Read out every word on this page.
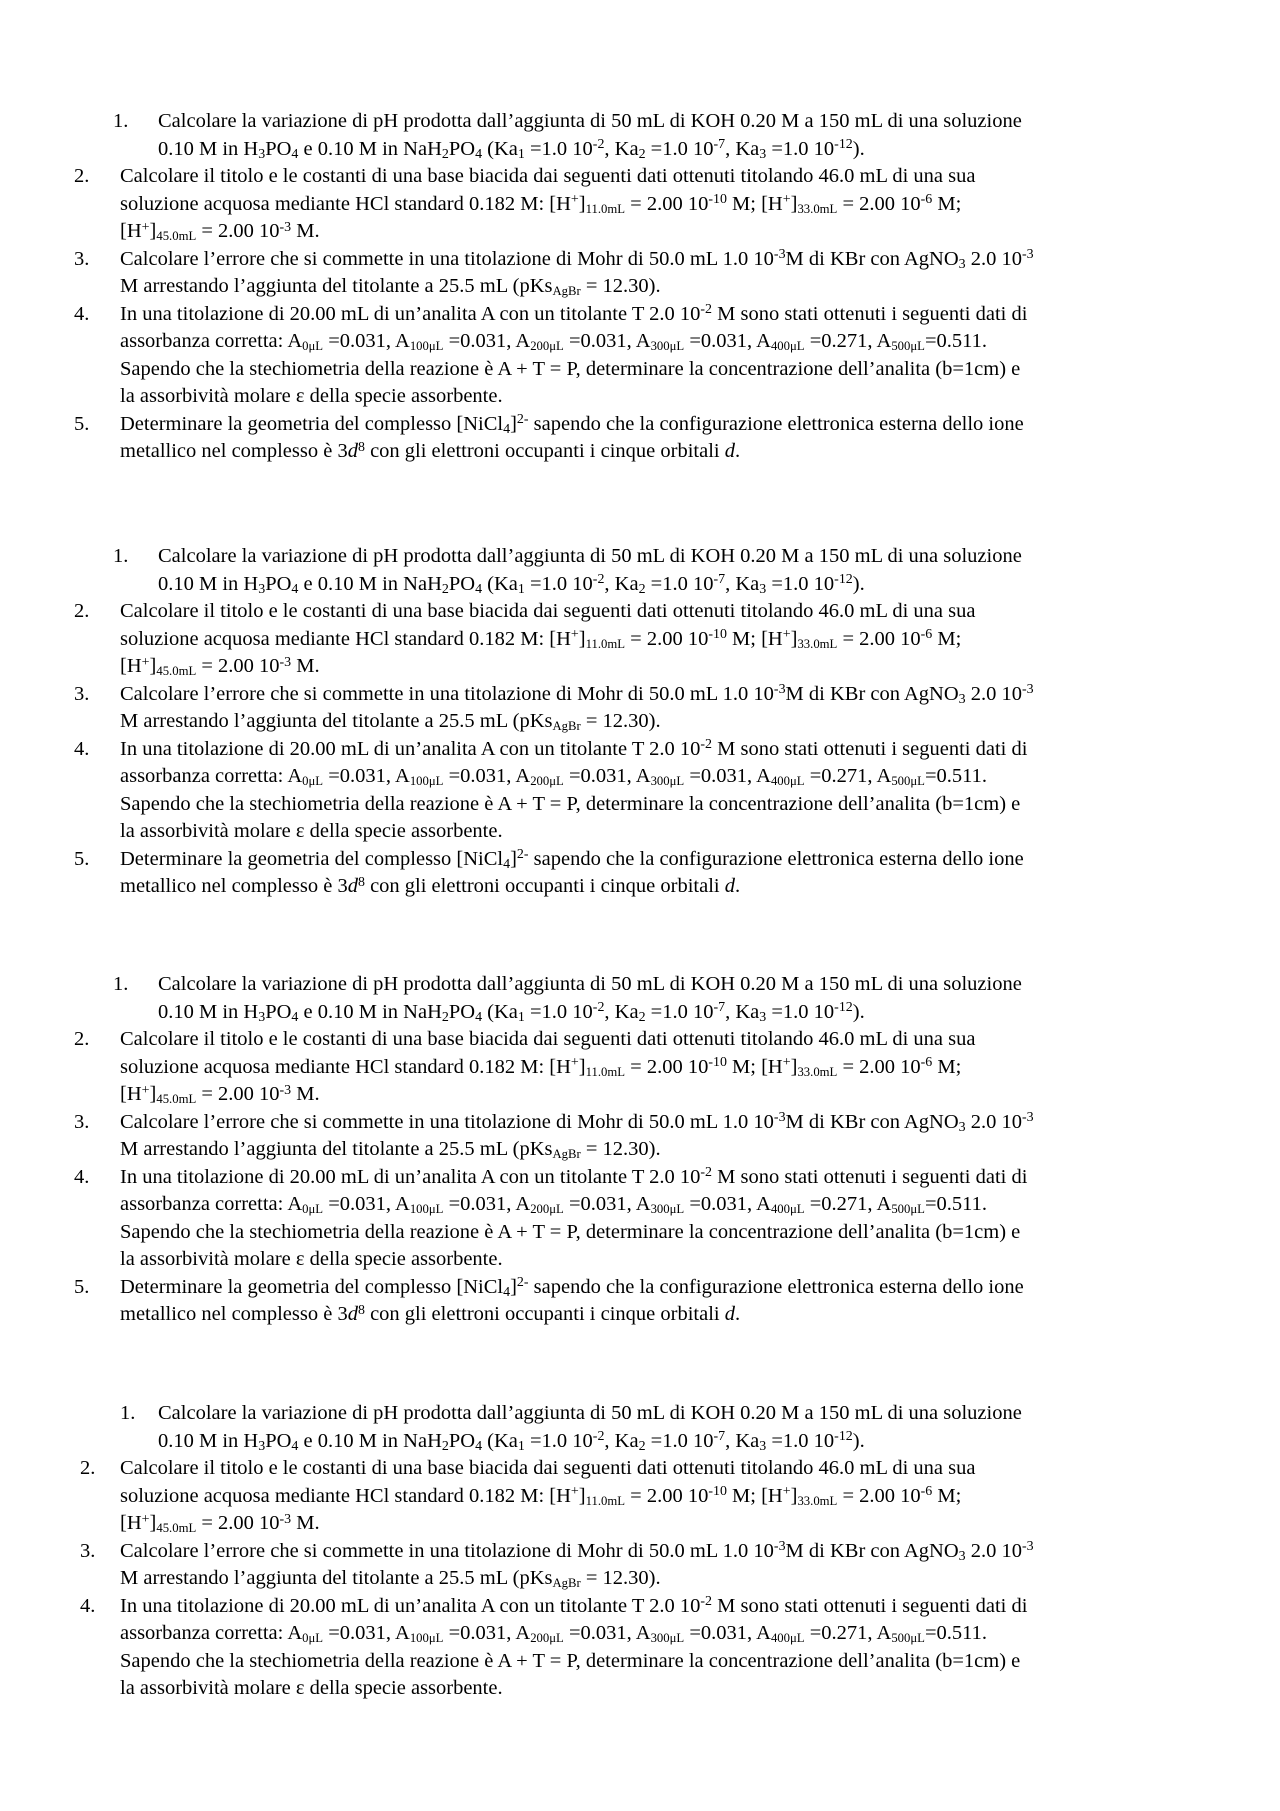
1. Calcolare la variazione di pH prodotta dall’aggiunta di 50 mL di KOH 0.20 M a 150 mL di una soluzione
0.10 M in $H_3PO_4$ e 0.10 M in $NaH_2PO_4$ ($Ka_1 =1.0$ $10^{-2}$, $Ka_2 =1.0$ $10^{-7}$, $Ka_3 =1.0$ $10^{-12}$).
2. Calcolare il titolo e le costanti di una base biacida dai seguenti dati ottenuti titolando 46.0 mL di una sua
soluzione acquosa mediante HCl standard 0.182 M: $[H^+]_{11.0mL} = 2.00$ $10^{-10}$ M; $[H^+]_{33.0mL} = 2.00$ $10^{-6}$ M;
$[H^+]_{45.0mL} = 2.00$ $10^{-3}$ M.
3. Calcolare l’errore che si commette in una titolazione di Mohr di 50.0 mL 1.0 $10^{-3}M$ di KBr con AgNO$_3$ 2.0 $10^{-3}$
M arrestando l’aggiunta del titolante a 25.5 mL (pKs$_{AgBr}$ = 12.30).
4. In una titolazione di 20.00 mL di un’analita A con un titolante T 2.0 $10^{-2}$ M sono stati ottenuti i seguenti dati di
assorbanza corretta: $A_{0\mu L} =0.031$, $A_{100\mu L} =0.031$, $A_{200\mu L} =0.031$, $A_{300\mu L} =0.031$, $A_{400\mu L} =0.271$, $A_{500\mu L}=0.511$.
Sapendo che la stechiometria della reazione è A + T = P, determinare la concentrazione dell’analita (b=1cm) e
la assorbività molare ε della specie assorbente.
5. Determinare la geometria del complesso [NiCl$_4$]$^{2-}$ sapendo che la configurazione elettronica esterna dello ione
metallico nel complesso è $3d^8$ con gli elettroni occupanti i cinque orbitali d.
1. Calcolare la variazione di pH prodotta dall’aggiunta di 50 mL di KOH 0.20 M a 150 mL di una soluzione
0.10 M in $H_3PO_4$ e 0.10 M in $NaH_2PO_4$ ($Ka_1 =1.0$ $10^{-2}$, $Ka_2 =1.0$ $10^{-7}$, $Ka_3 =1.0$ $10^{-12}$).
2. Calcolare il titolo e le costanti di una base biacida dai seguenti dati ottenuti titolando 46.0 mL di una sua
soluzione acquosa mediante HCl standard 0.182 M: $[H^+]_{11.0mL} = 2.00$ $10^{-10}$ M; $[H^+]_{33.0mL} = 2.00$ $10^{-6}$ M;
$[H^+]_{45.0mL} = 2.00$ $10^{-3}$ M.
3. Calcolare l’errore che si commette in una titolazione di Mohr di 50.0 mL 1.0 $10^{-3}M$ di KBr con AgNO$_3$ 2.0 $10^{-3}$
M arrestando l’aggiunta del titolante a 25.5 mL (pKs$_{AgBr}$ = 12.30).
4. In una titolazione di 20.00 mL di un’analita A con un titolante T 2.0 $10^{-2}$ M sono stati ottenuti i seguenti dati di
assorbanza corretta: $A_{0\mu L} =0.031$, $A_{100\mu L} =0.031$, $A_{200\mu L} =0.031$, $A_{300\mu L} =0.031$, $A_{400\mu L} =0.271$, $A_{500\mu L}=0.511$.
Sapendo che la stechiometria della reazione è A + T = P, determinare la concentrazione dell’analita (b=1cm) e
la assorbività molare ε della specie assorbente.
5. Determinare la geometria del complesso [NiCl$_4$]$^{2-}$ sapendo che la configurazione elettronica esterna dello ione
metallico nel complesso è $3d^8$ con gli elettroni occupanti i cinque orbitali d.
1. Calcolare la variazione di pH prodotta dall’aggiunta di 50 mL di KOH 0.20 M a 150 mL di una soluzione
0.10 M in $H_3PO_4$ e 0.10 M in $NaH_2PO_4$ ($Ka_1 =1.0$ $10^{-2}$, $Ka_2 =1.0$ $10^{-7}$, $Ka_3 =1.0$ $10^{-12}$).
2. Calcolare il titolo e le costanti di una base biacida dai seguenti dati ottenuti titolando 46.0 mL di una sua
soluzione acquosa mediante HCl standard 0.182 M: $[H^+]_{11.0mL} = 2.00$ $10^{-10}$ M; $[H^+]_{33.0mL} = 2.00$ $10^{-6}$ M;
$[H^+]_{45.0mL} = 2.00$ $10^{-3}$ M.
3. Calcolare l’errore che si commette in una titolazione di Mohr di 50.0 mL 1.0 $10^{-3}M$ di KBr con AgNO$_3$ 2.0 $10^{-3}$
M arrestando l’aggiunta del titolante a 25.5 mL (pKs$_{AgBr}$ = 12.30).
4. In una titolazione di 20.00 mL di un’analita A con un titolante T 2.0 $10^{-2}$ M sono stati ottenuti i seguenti dati di
assorbanza corretta: $A_{0\mu L} =0.031$, $A_{100\mu L} =0.031$, $A_{200\mu L} =0.031$, $A_{300\mu L} =0.031$, $A_{400\mu L} =0.271$, $A_{500\mu L}=0.511$.
Sapendo che la stechiometria della reazione è A + T = P, determinare la concentrazione dell’analita (b=1cm) e
la assorbività molare ε della specie assorbente.
5. Determinare la geometria del complesso [NiCl$_4$]$^{2-}$ sapendo che la configurazione elettronica esterna dello ione
metallico nel complesso è $3d^8$ con gli elettroni occupanti i cinque orbitali d.
1. Calcolare la variazione di pH prodotta dall’aggiunta di 50 mL di KOH 0.20 M a 150 mL di una soluzione
0.10 M in $H_3PO_4$ e 0.10 M in $NaH_2PO_4$ ($Ka_1 =1.0$ $10^{-2}$, $Ka_2 =1.0$ $10^{-7}$, $Ka_3 =1.0$ $10^{-12}$).
2. Calcolare il titolo e le costanti di una base biacida dai seguenti dati ottenuti titolando 46.0 mL di una sua
soluzione acquosa mediante HCl standard 0.182 M: $[H^+]_{11.0mL} = 2.00$ $10^{-10}$ M; $[H^+]_{33.0mL} = 2.00$ $10^{-6}$ M;
$[H^+]_{45.0mL} = 2.00$ $10^{-3}$ M.
3. Calcolare l’errore che si commette in una titolazione di Mohr di 50.0 mL 1.0 $10^{-3}M$ di KBr con AgNO$_3$ 2.0 $10^{-3}$
M arrestando l’aggiunta del titolante a 25.5 mL (pKs$_{AgBr}$ = 12.30).
4. In una titolazione di 20.00 mL di un’analita A con un titolante T 2.0 $10^{-2}$ M sono stati ottenuti i seguenti dati di
assorbanza corretta: $A_{0\mu L} =0.031$, $A_{100\mu L} =0.031$, $A_{200\mu L} =0.031$, $A_{300\mu L} =0.031$, $A_{400\mu L} =0.271$, $A_{500\mu L}=0.511$.
Sapendo che la stechiometria della reazione è A + T = P, determinare la concentrazione dell’analita (b=1cm) e
la assorbività molare ε della specie assorbente.
